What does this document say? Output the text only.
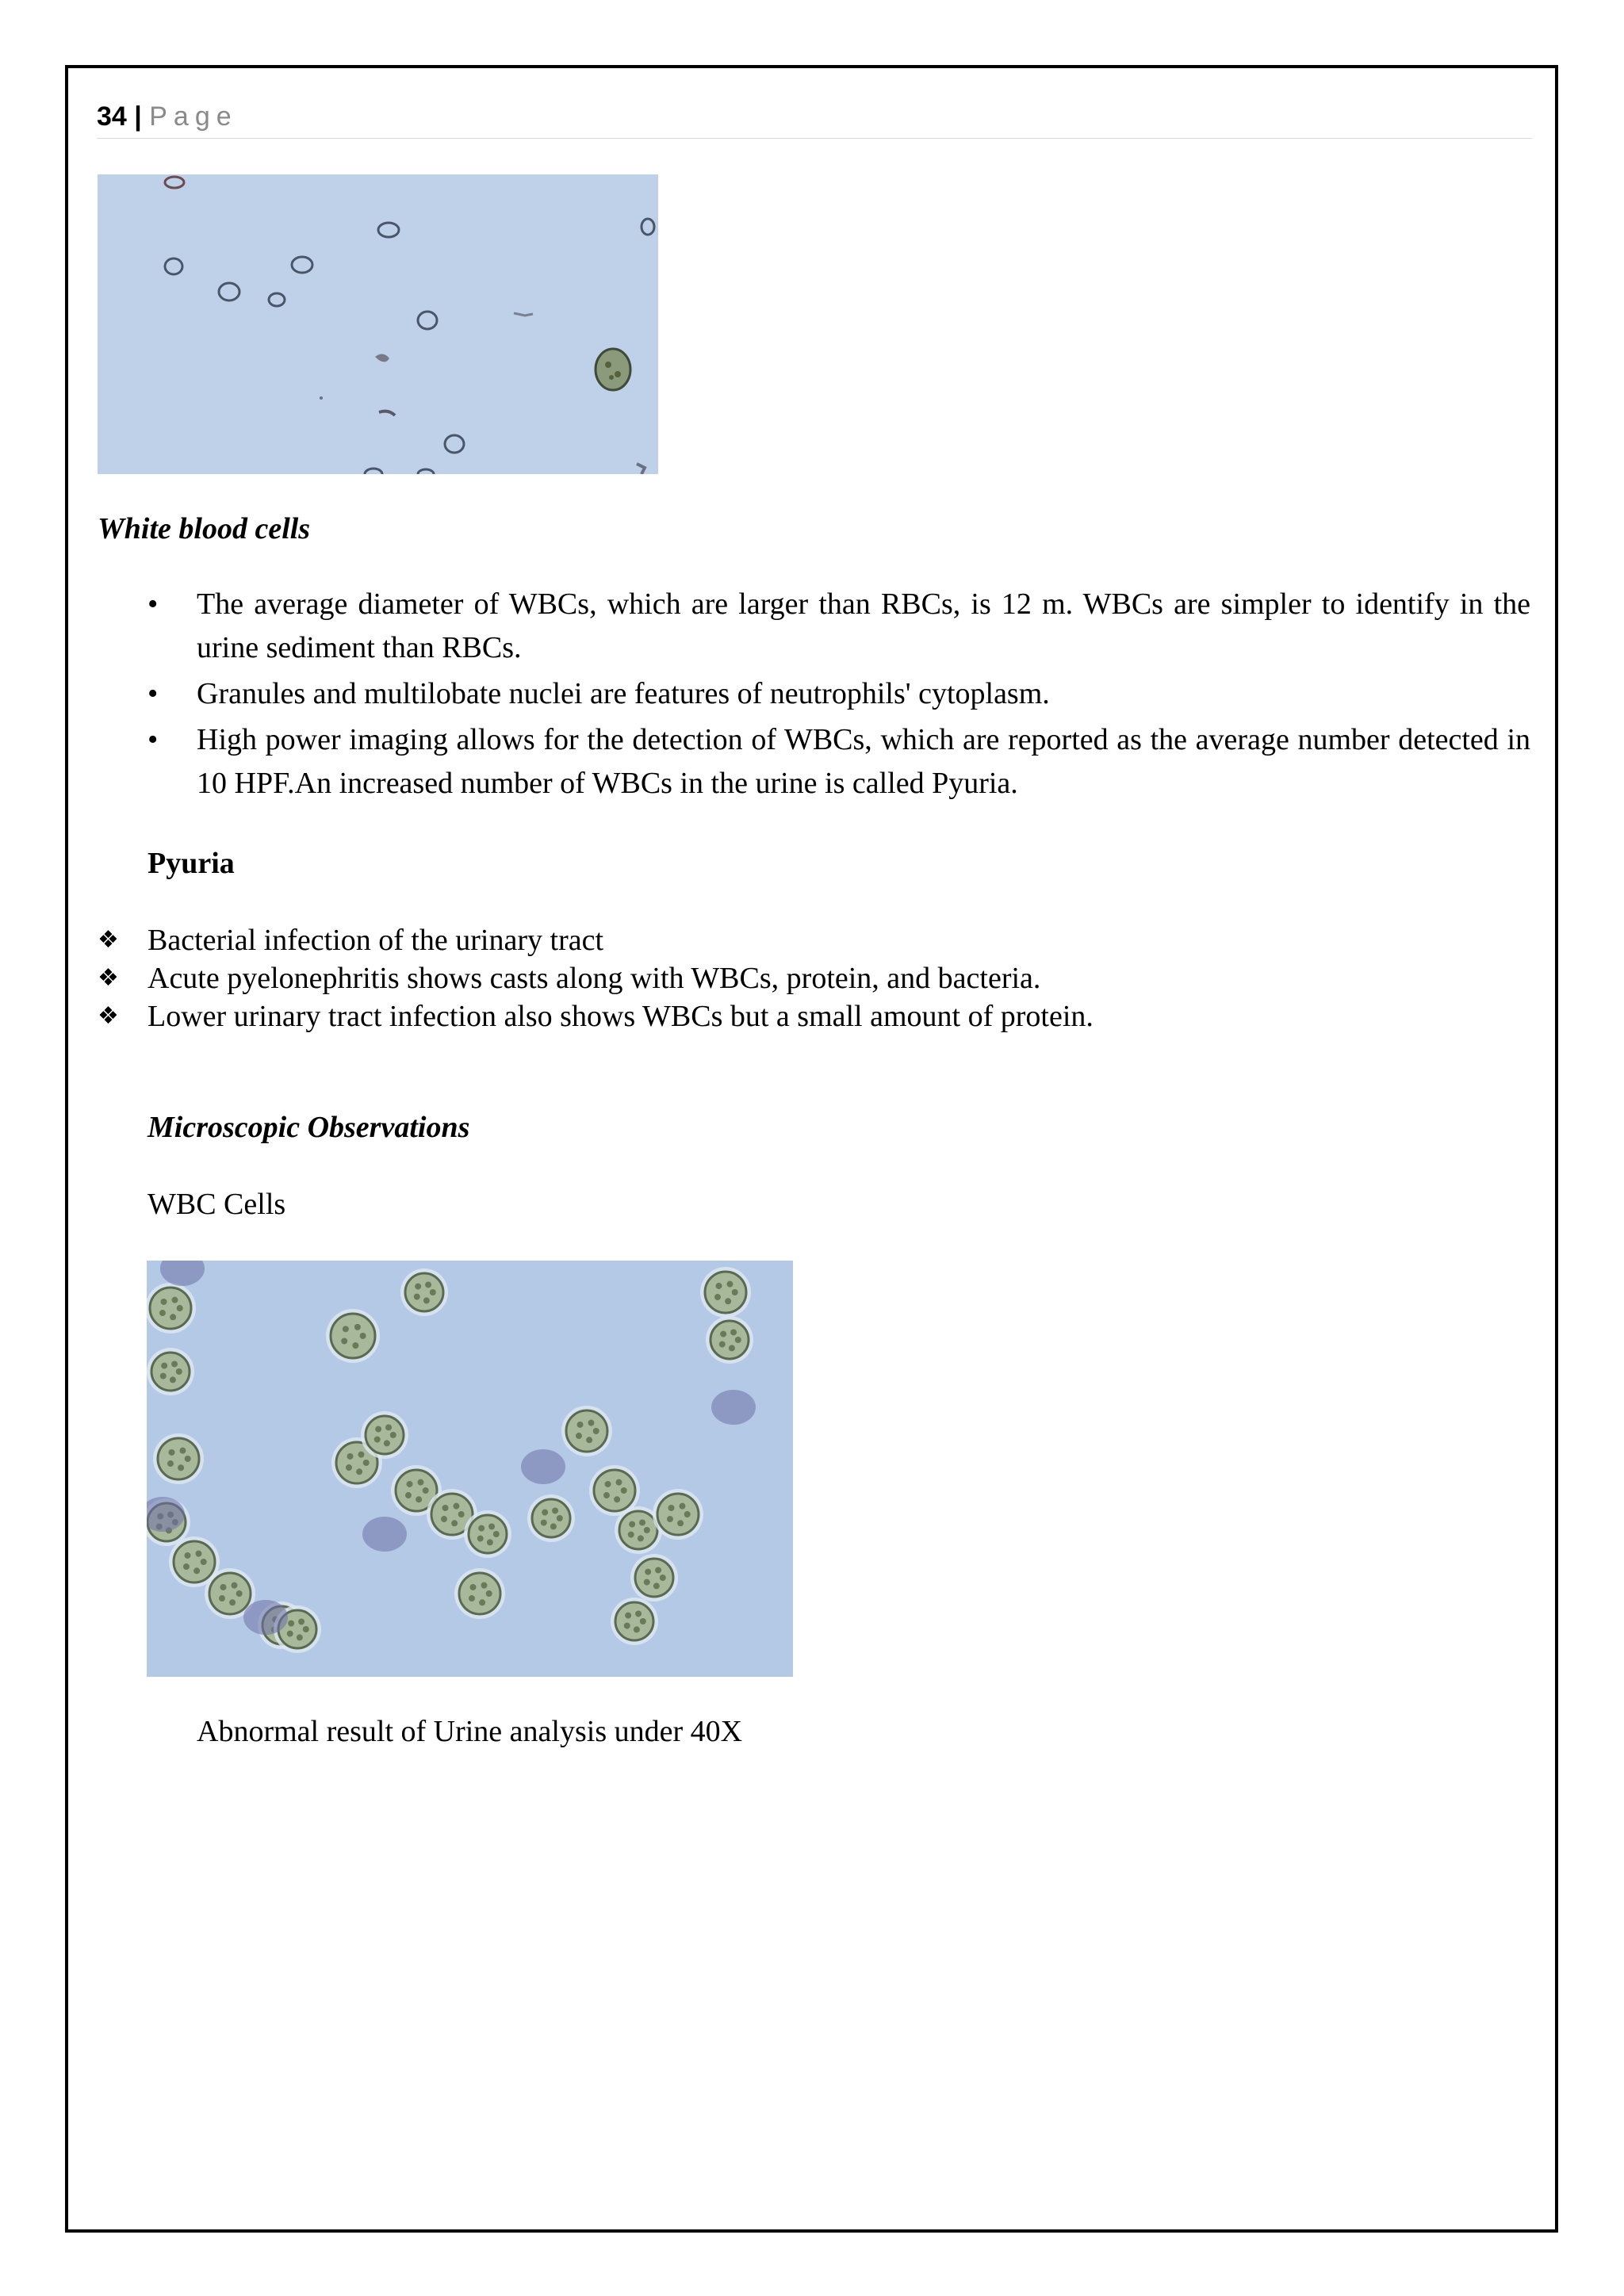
34 | Page
White blood cells
• The average diameter of WBCs, which are larger than RBCs, is 12 m. WBCs are simpler to identify in the urine sediment than RBCs.
• Granules and multilobate nuclei are features of neutrophils' cytoplasm.
• High power imaging allows for the detection of WBCs, which are reported as the average number detected in 10 HPF.An increased number of WBCs in the urine is called Pyuria.
Pyuria
❖ Bacterial infection of the urinary tract
❖ Acute pyelonephritis shows casts along with WBCs, protein, and bacteria.
❖ Lower urinary tract infection also shows WBCs but a small amount of protein.
Microscopic Observations
WBC Cells
Abnormal result of Urine analysis under 40X
